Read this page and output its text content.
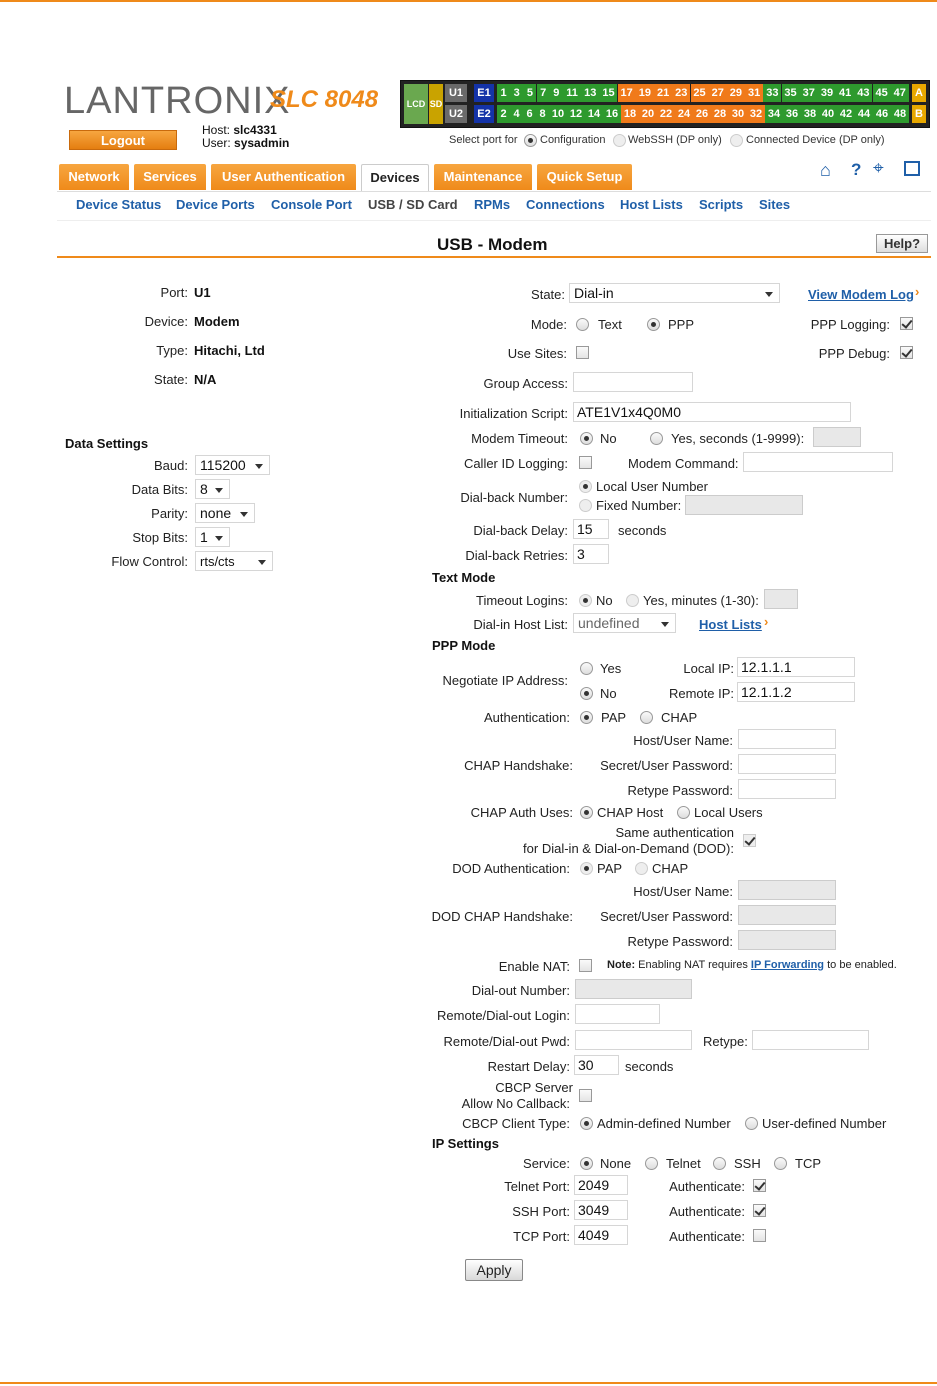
LANTRONIX
SLC 8048
Logout
Host: slc4331
User: sysadmin
LCD SD
U1
U2
E1
E2
1 3 5 7 9 11 13 15 17 19 21 23 25 27 29 31 33 35 37 39 41 43 45 47
2 4 6 8 10 12 14 16 18 20 22 24 26 28 30 32 34 36 38 40 42 44 46 48
A
B
Select port for Configuration WebSSH (DP only) Connected Device (DP only)
Network	Services	User Authentication	Devices	Maintenance	Quick Setup	⌂ ? ⌖
Device Status Device Ports Console Port USB / SD Card RPMs Connections Host Lists Scripts Sites
USB - Modem	Help?
Port: U1
Device: Modem
Type: Hitachi, Ltd
State: N/A
Data Settings
Baud: 115200
Data Bits: 8
Parity: none
Stop Bits: 1
Flow Control: rts/cts
State: Dial-in	View Modem Log ›
Mode: Text	PPP	PPP Logging:
Use Sites:	PPP Debug:
Group Access:
Initialization Script: ATE1V1x4Q0M0
Modem Timeout: No	Yes, seconds (1-9999):
Caller ID Logging:	Modem Command:
Dial-back Number:
Local User Number
Fixed Number:
Dial-back Delay: 15	seconds
Dial-back Retries: 3
Text Mode
Timeout Logins: No Yes, minutes (1-30):
Dial-in Host List: undefined	Host Lists ›
PPP Mode
Negotiate IP Address:
Yes
No
Local IP: 12.1.1.1
Remote IP: 12.1.1.2
Authentication: PAP	CHAP
CHAP Handshake:
Host/User Name:
Secret/User Password:
Retype Password:
CHAP Auth Uses: CHAP Host Local Users
Same authentication
for Dial-in & Dial-on-Demand (DOD):
DOD Authentication: PAP CHAP
DOD CHAP Handshake:
Host/User Name:
Secret/User Password:
Retype Password:
Enable NAT:	Note: Enabling NAT requires IP Forwarding to be enabled.
Dial-out Number:
Remote/Dial-out Login:
Remote/Dial-out Pwd:	Retype:
Restart Delay: 30	seconds
CBCP Server
Allow No Callback:
CBCP Client Type: Admin-defined Number User-defined Number
IP Settings
Service: None	Telnet	SSH	TCP
Telnet Port: 2049	Authenticate:
SSH Port: 3049	Authenticate:
TCP Port: 4049	Authenticate:
Apply
